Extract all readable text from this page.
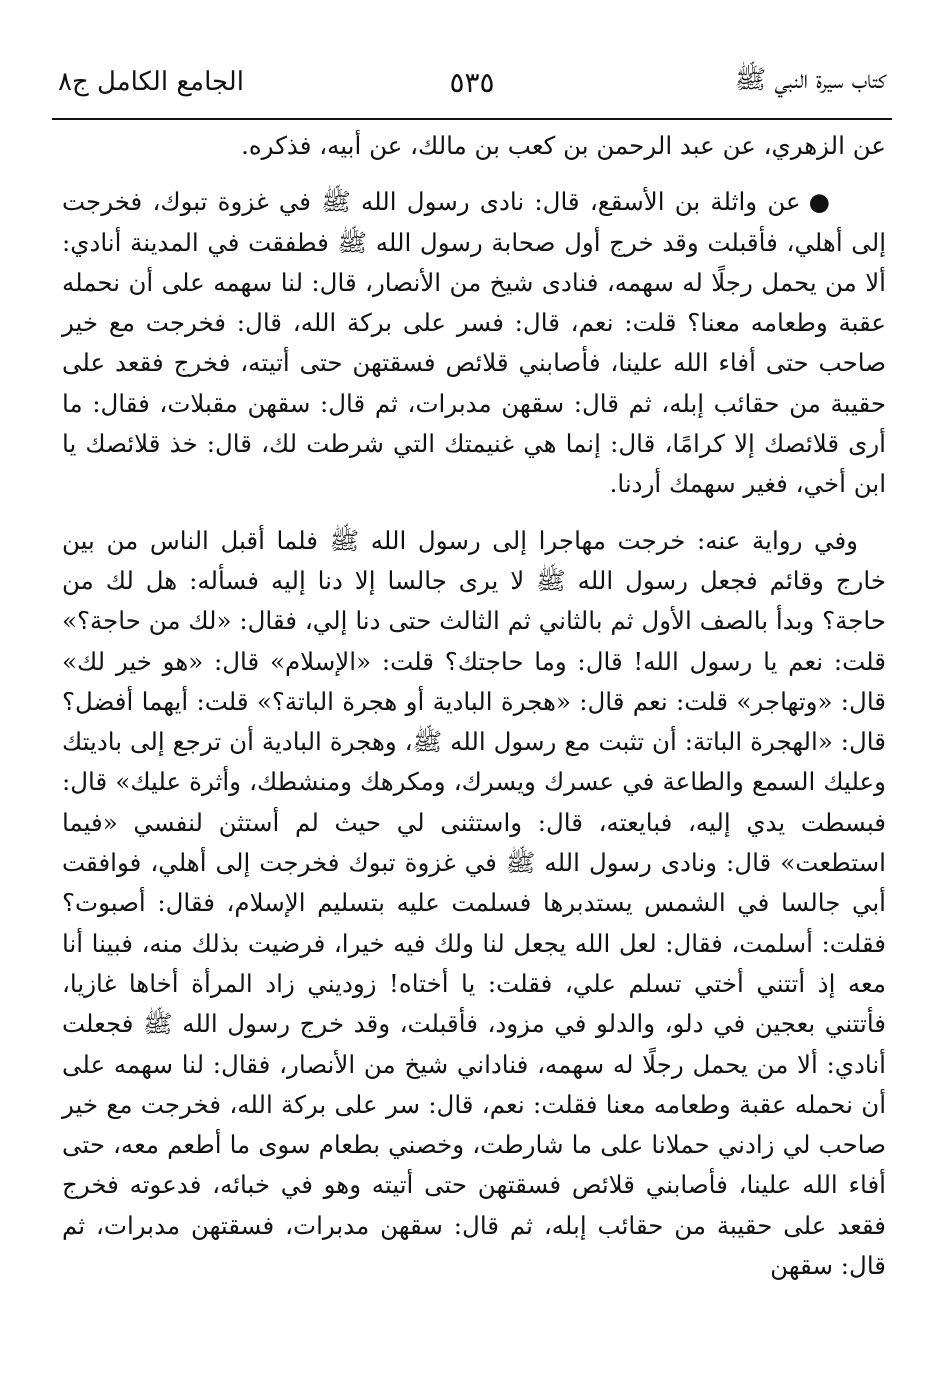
كتاب سيرة النبي ﷺ
٥٣٥
الجامع الكامل ج٨

عن الزهري، عن عبد الرحمن بن كعب بن مالك، عن أبيه، فذكره.

●عن واثلة بن الأسقع، قال: نادى رسول الله ﷺ في غزوة تبوك، فخرجت إلى أهلي، فأقبلت وقد خرج أول صحابة رسول الله ﷺ فطفقت في المدينة أنادي: ألا من يحمل رجلًا له سهمه، فنادى شيخ من الأنصار، قال: لنا سهمه على أن نحمله عقبة وطعامه معنا؟ قلت: نعم، قال: فسر على بركة الله، قال: فخرجت مع خير صاحب حتى أفاء الله علينا، فأصابني قلائص فسقتهن حتى أتيته، فخرج فقعد على حقيبة من حقائب إبله، ثم قال: سقهن مدبرات، ثم قال: سقهن مقبلات، فقال: ما أرى قلائصك إلا كرامًا، قال: إنما هي غنيمتك التي شرطت لك، قال: خذ قلائصك يا ابن أخي، فغير سهمك أردنا.

وفي رواية عنه: خرجت مهاجرا إلى رسول الله ﷺ فلما أقبل الناس من بين خارج وقائم فجعل رسول الله ﷺ لا يرى جالسا إلا دنا إليه فسأله: هل لك من حاجة؟ وبدأ بالصف الأول ثم بالثاني ثم الثالث حتى دنا إلي، فقال: «لك من حاجة؟» قلت: نعم يا رسول الله! قال: وما حاجتك؟ قلت: «الإسلام» قال: «هو خير لك» قال: «وتهاجر» قلت: نعم قال: «هجرة البادية أو هجرة الباتة؟» قلت: أيهما أفضل؟ قال: «الهجرة الباتة: أن تثبت مع رسول الله ﷺ، وهجرة البادية أن ترجع إلى باديتك وعليك السمع والطاعة في عسرك ويسرك، ومكرهك ومنشطك، وأثرة عليك» قال: فبسطت يدي إليه، فبايعته، قال: واستثنى لي حيث لم أستثن لنفسي «فيما استطعت» قال: ونادى رسول الله ﷺ في غزوة تبوك فخرجت إلى أهلي، فوافقت أبي جالسا في الشمس يستدبرها فسلمت عليه بتسليم الإسلام، فقال: أصبوت؟ فقلت: أسلمت، فقال: لعل الله يجعل لنا ولك فيه خيرا، فرضيت بذلك منه، فبينا أنا معه إذ أتتني أختي تسلم علي، فقلت: يا أختاه! زوديني زاد المرأة أخاها غازيا، فأتتني بعجين في دلو، والدلو في مزود، فأقبلت، وقد خرج رسول الله ﷺ فجعلت أنادي: ألا من يحمل رجلًا له سهمه، فناداني شيخ من الأنصار، فقال: لنا سهمه على أن نحمله عقبة وطعامه معنا فقلت: نعم، قال: سر على بركة الله، فخرجت مع خير صاحب لي زادني حملانا على ما شارطت، وخصني بطعام سوى ما أطعم معه، حتى أفاء الله علينا، فأصابني قلائص فسقتهن حتى أتيته وهو في خبائه، فدعوته فخرج فقعد على حقيبة من حقائب إبله، ثم قال: سقهن مدبرات، فسقتهن مدبرات، ثم قال: سقهن
